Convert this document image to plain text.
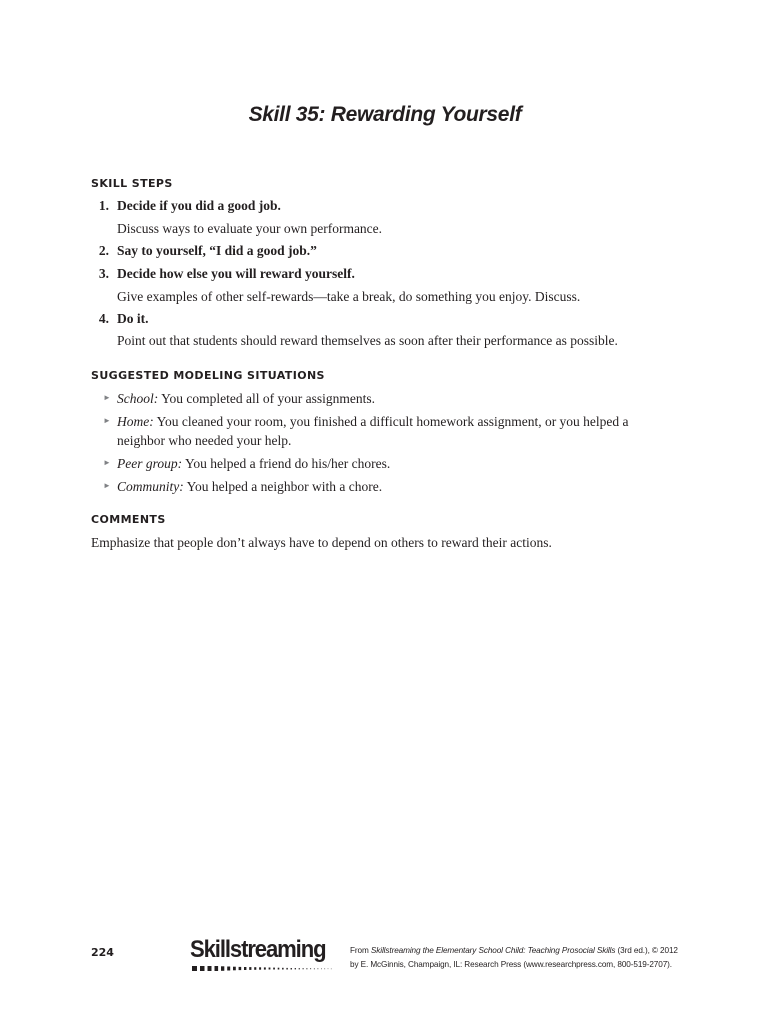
Skill 35: Rewarding Yourself
SKILL STEPS
1. Decide if you did a good job.
Discuss ways to evaluate your own performance.
2. Say to yourself, “I did a good job.”
3. Decide how else you will reward yourself.
Give examples of other self-rewards—take a break, do something you enjoy. Discuss.
4. Do it.
Point out that students should reward themselves as soon after their performance as possible.
SUGGESTED MODELING SITUATIONS
► School: You completed all of your assignments.
► Home: You cleaned your room, you finished a difficult homework assignment, or you helped a neighbor who needed your help.
► Peer group: You helped a friend do his/her chores.
► Community: You helped a neighbor with a chore.
COMMENTS
Emphasize that people don’t always have to depend on others to reward their actions.
224	Skillstreaming	From Skillstreaming the Elementary School Child: Teaching Prosocial Skills (3rd ed.), © 2012
by E. McGinnis, Champaign, IL: Research Press (www.researchpress.com, 800-519-2707).
